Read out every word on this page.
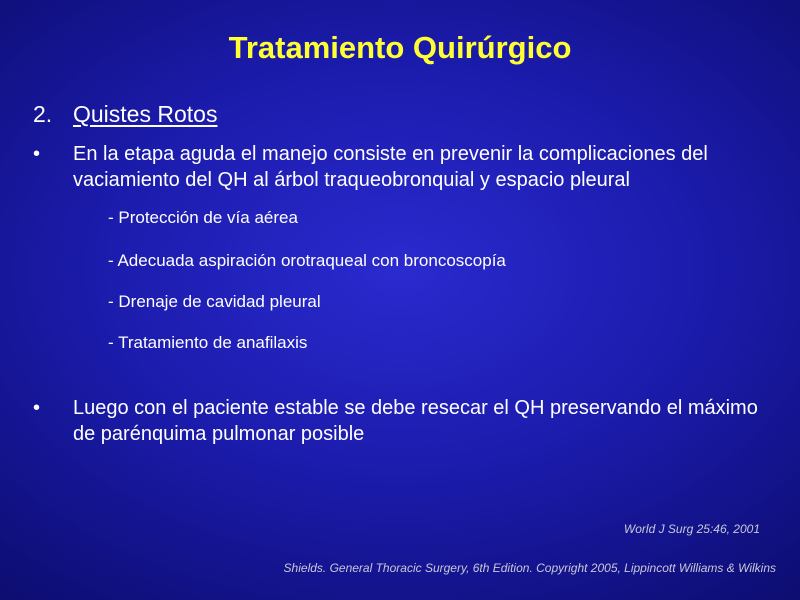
Tratamiento Quirúrgico
2. Quistes Rotos
•	En la etapa aguda el manejo consiste en prevenir la complicaciones del vaciamiento del QH al árbol traqueobronquial y espacio pleural
- Protección de vía aérea
- Adecuada aspiración orotraqueal con broncoscopía
- Drenaje de cavidad pleural
- Tratamiento de anafilaxis
•	Luego con el paciente estable se debe resecar el QH preservando el máximo de parénquima pulmonar posible
World J Surg 25:46, 2001
Shields. General Thoracic Surgery, 6th Edition. Copyright 2005, Lippincott Williams & Wilkins
